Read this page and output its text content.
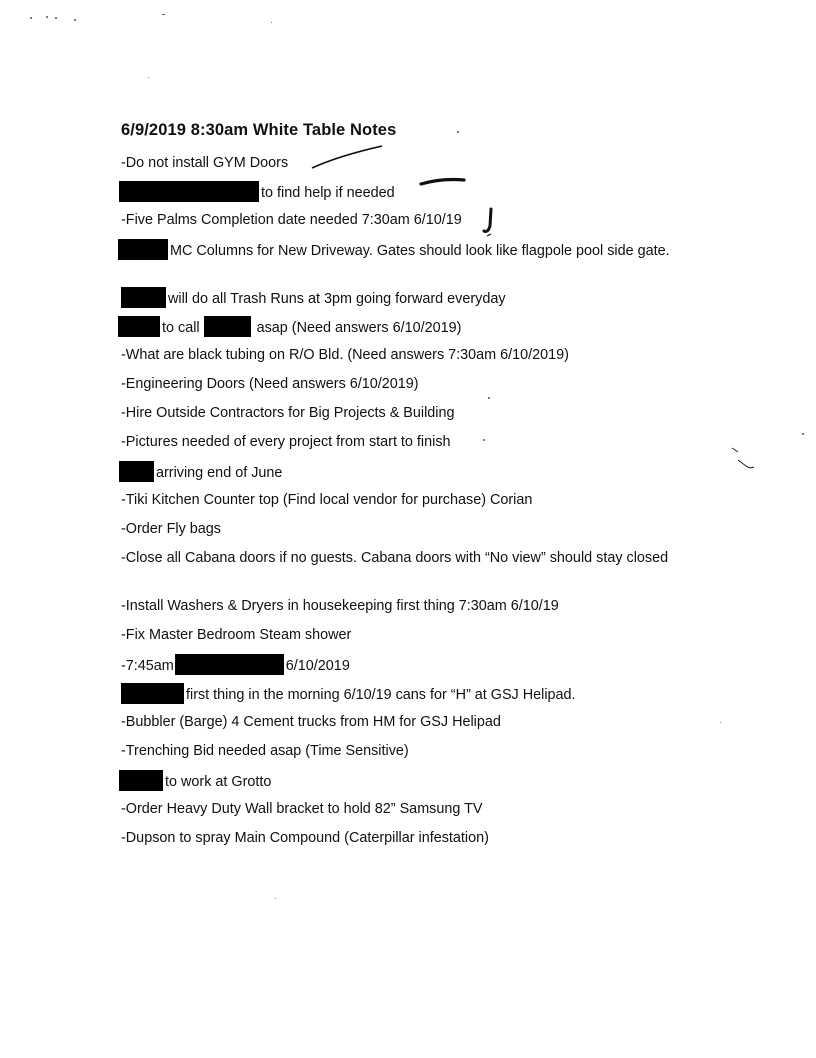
6/9/2019 8:30am White Table Notes
-Do not install GYM Doors
to find help if needed
-Five Palms Completion date needed 7:30am 6/10/19
MC Columns for New Driveway. Gates should look like flagpole pool side gate.
will do all Trash Runs at 3pm going forward everyday
to call	asap (Need answers 6/10/2019)
-What are black tubing on R/O Bld. (Need answers 7:30am 6/10/2019)
-Engineering Doors (Need answers 6/10/2019)
-Hire Outside Contractors for Big Projects & Building
-Pictures needed of every project from start to finish
arriving end of June
-Tiki Kitchen Counter top (Find local vendor for purchase) Corian
-Order Fly bags
-Close all Cabana doors if no guests. Cabana doors with “No view” should stay closed
-Install Washers & Dryers in housekeeping first thing 7:30am 6/10/19
-Fix Master Bedroom Steam shower
-7:45am	6/10/2019
first thing in the morning 6/10/19 cans for “H” at GSJ Helipad.
-Bubbler (Barge) 4 Cement trucks from HM for GSJ Helipad
-Trenching Bid needed asap (Time Sensitive)
to work at Grotto
-Order Heavy Duty Wall bracket to hold 82” Samsung TV
-Dupson to spray Main Compound (Caterpillar infestation)
